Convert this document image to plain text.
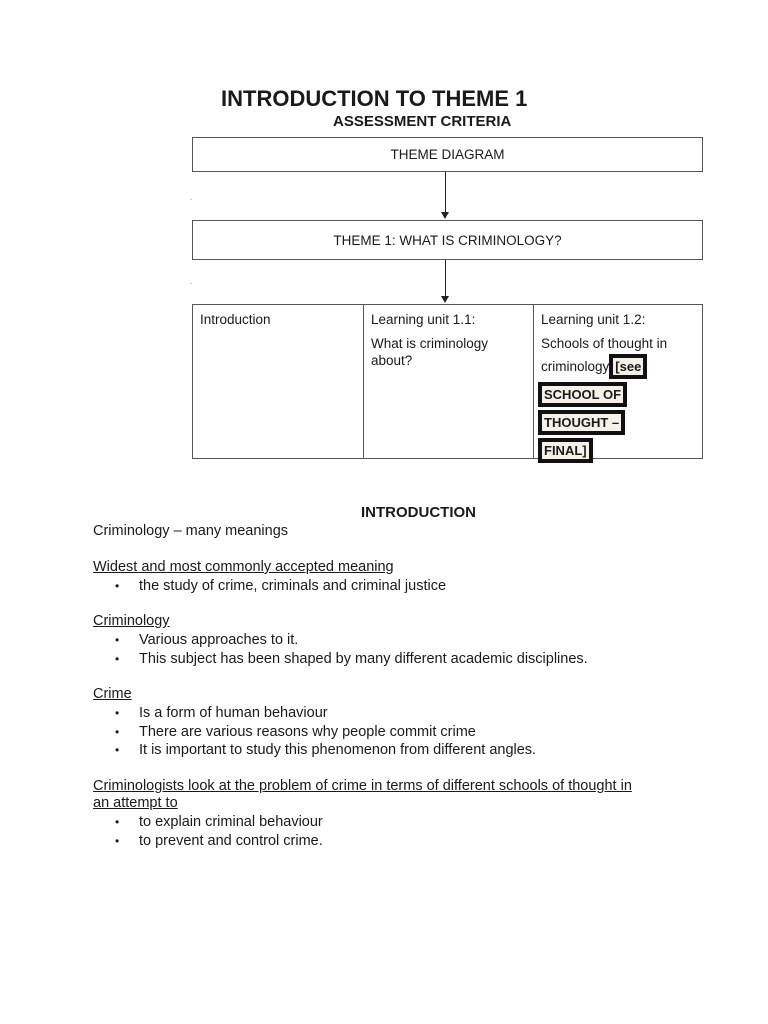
INTRODUCTION TO THEME 1
ASSESSMENT CRITERIA
THEME DIAGRAM
.
THEME 1: WHAT IS CRIMINOLOGY?
.

Introduction	Learning unit 1.1:

What is criminology about?

Learning unit 1.2:

Schools of thought in

criminology [see
SCHOOL OF
THOUGHT –
FINAL]
INTRODUCTION
Criminology – many meanings
Widest and most commonly accepted meaning
• the study of crime, criminals and criminal justice
Criminology
• Various approaches to it.
• This subject has been shaped by many different academic disciplines.
Crime
• Is a form of human behaviour
• There are various reasons why people commit crime
• It is important to study this phenomenon from different angles.
Criminologists look at the problem of crime in terms of different schools of thought in
an attempt to
• to explain criminal behaviour
• to prevent and control crime.
